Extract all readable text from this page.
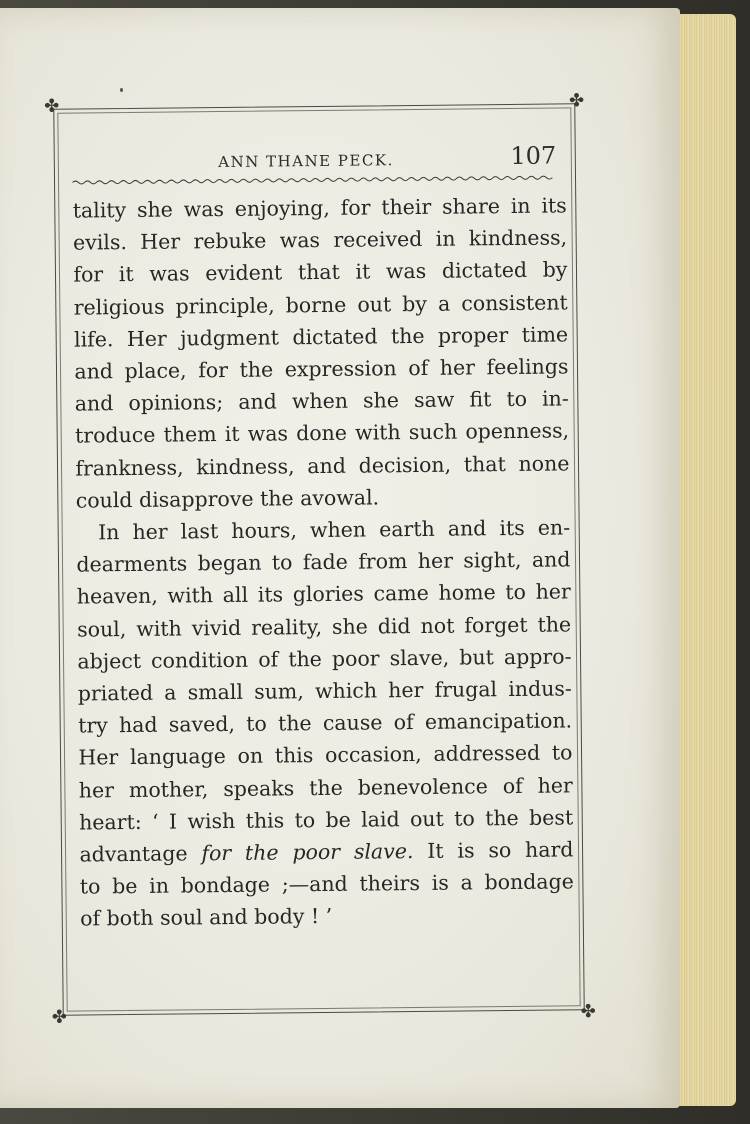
✤	✤
✤	✤
ANN THANE PECK.	107
tality she was enjoying, for their share in its
evils. Her rebuke was received in kindness,
for it was evident that it was dictated by
religious principle, borne out by a consistent
life. Her judgment dictated the proper time
and place, for the expression of her feelings
and opinions; and when she saw fit to in-
troduce them it was done with such openness,
frankness, kindness, and decision, that none
could disapprove the avowal.
In her last hours, when earth and its en-
dearments began to fade from her sight, and
heaven, with all its glories came home to her
soul, with vivid reality, she did not forget the
abject condition of the poor slave, but appro-
priated a small sum, which her frugal indus-
try had saved, to the cause of emancipation.
Her language on this occasion, addressed to
her mother, speaks the benevolence of her
heart: ‘ I wish this to be laid out to the best
advantage for the poor slave. It is so hard
to be in bondage ;—and theirs is a bondage
of both soul and body ! ’
